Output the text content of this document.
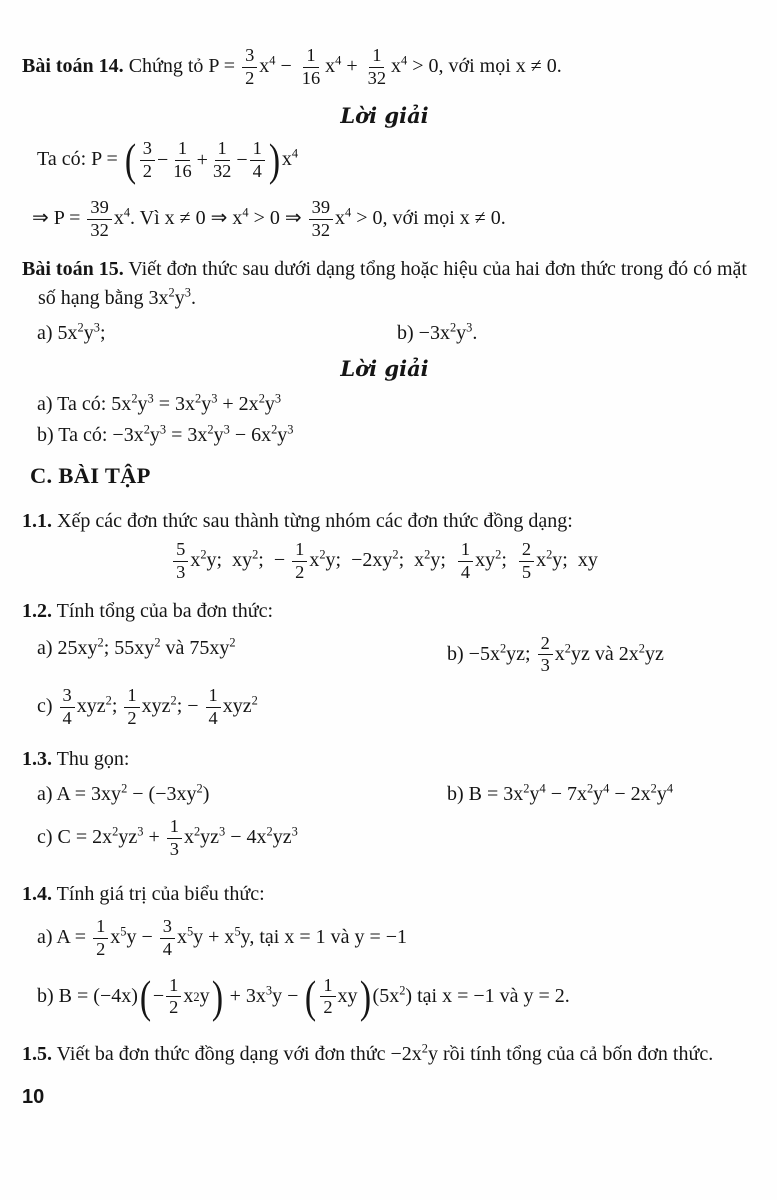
Bài toán 14. Chứng tỏ $P = \frac{3}{2} x^4 - \frac{1}{16} x^4 + \frac{1}{32} x^4 > 0$, với mọi x ≠ 0.

Lời giải

Ta có: P = ( $\frac{3}{2} - \frac{1}{16} + \frac{1}{32} - \frac{1}{4}$ ) $x^4$

⇒ $P = \frac{39}{32} x^4$. Vì x ≠ 0 ⇒ $x^4 > 0$ ⇒ $\frac{39}{32} x^4 > 0$, với mọi x ≠ 0.

Bài toán 15. Viết đơn thức sau dưới dạng tổng hoặc hiệu của hai đơn thức trong đó có mặt số hạng bằng $3x^2y^3$.

a) $5x^2y^3$;	$b) -3x^2y^3$.

Lời giải

a) Ta có: $5x^2y^3 = 3x^2y^3 + 2x^2y^3$

b) Ta có: $-3x^2y^3 = 3x^2y^3 - 6x^2y^3$

C. BÀI TẬP

1.1. Xếp các đơn thức sau thành từng nhóm các đơn thức đồng dạng:

$\frac{5}{3} x^2y$; $xy^2$; − $\frac{1}{2} x^2y$; $-2xy^2$; $x^2y$;  $\frac{1}{4} xy^2$;  $\frac{2}{5} x^2y$; xy

1.2. Tính tổng của ba đơn thức:

a) $25xy^2$; $55xy^2$ và $75xy^2$
$b) -5x^2yz$; $\frac{2}{3} x^2yz$ và $2x^2yz$

$c) \frac{3}{4} xyz^2$; $\frac{1}{2} xyz^2$; − $\frac{1}{4} xyz^2$

1.3. Thu gọn:

a) $A = 3xy^2 - (-3xy^2)$	b) $B = 3x^2y^4 - 7x^2y^4 - 2x^2y^4$

c) $C = 2x^2yz^3 + \frac{1}{3} x^2yz^3 - 4x^2yz^3$

1.4. Tính giá trị của biểu thức:

a) $A = \frac{1}{2} x^5y - \frac{3}{4} x^5y + x^5y$, tại x = 1 và y = −1

b) B = (−4x) ( − $\frac{1}{2}$ x 2 y ) + $3x^3y$ − ( $\frac{1}{2}$ xy ) $(5x^2)$ tại x = −1 và y = 2.

1.5. Viết ba đơn thức đồng dạng với đơn thức $-2x^2y$ rồi tính tổng của cả bốn đơn thức.

10
